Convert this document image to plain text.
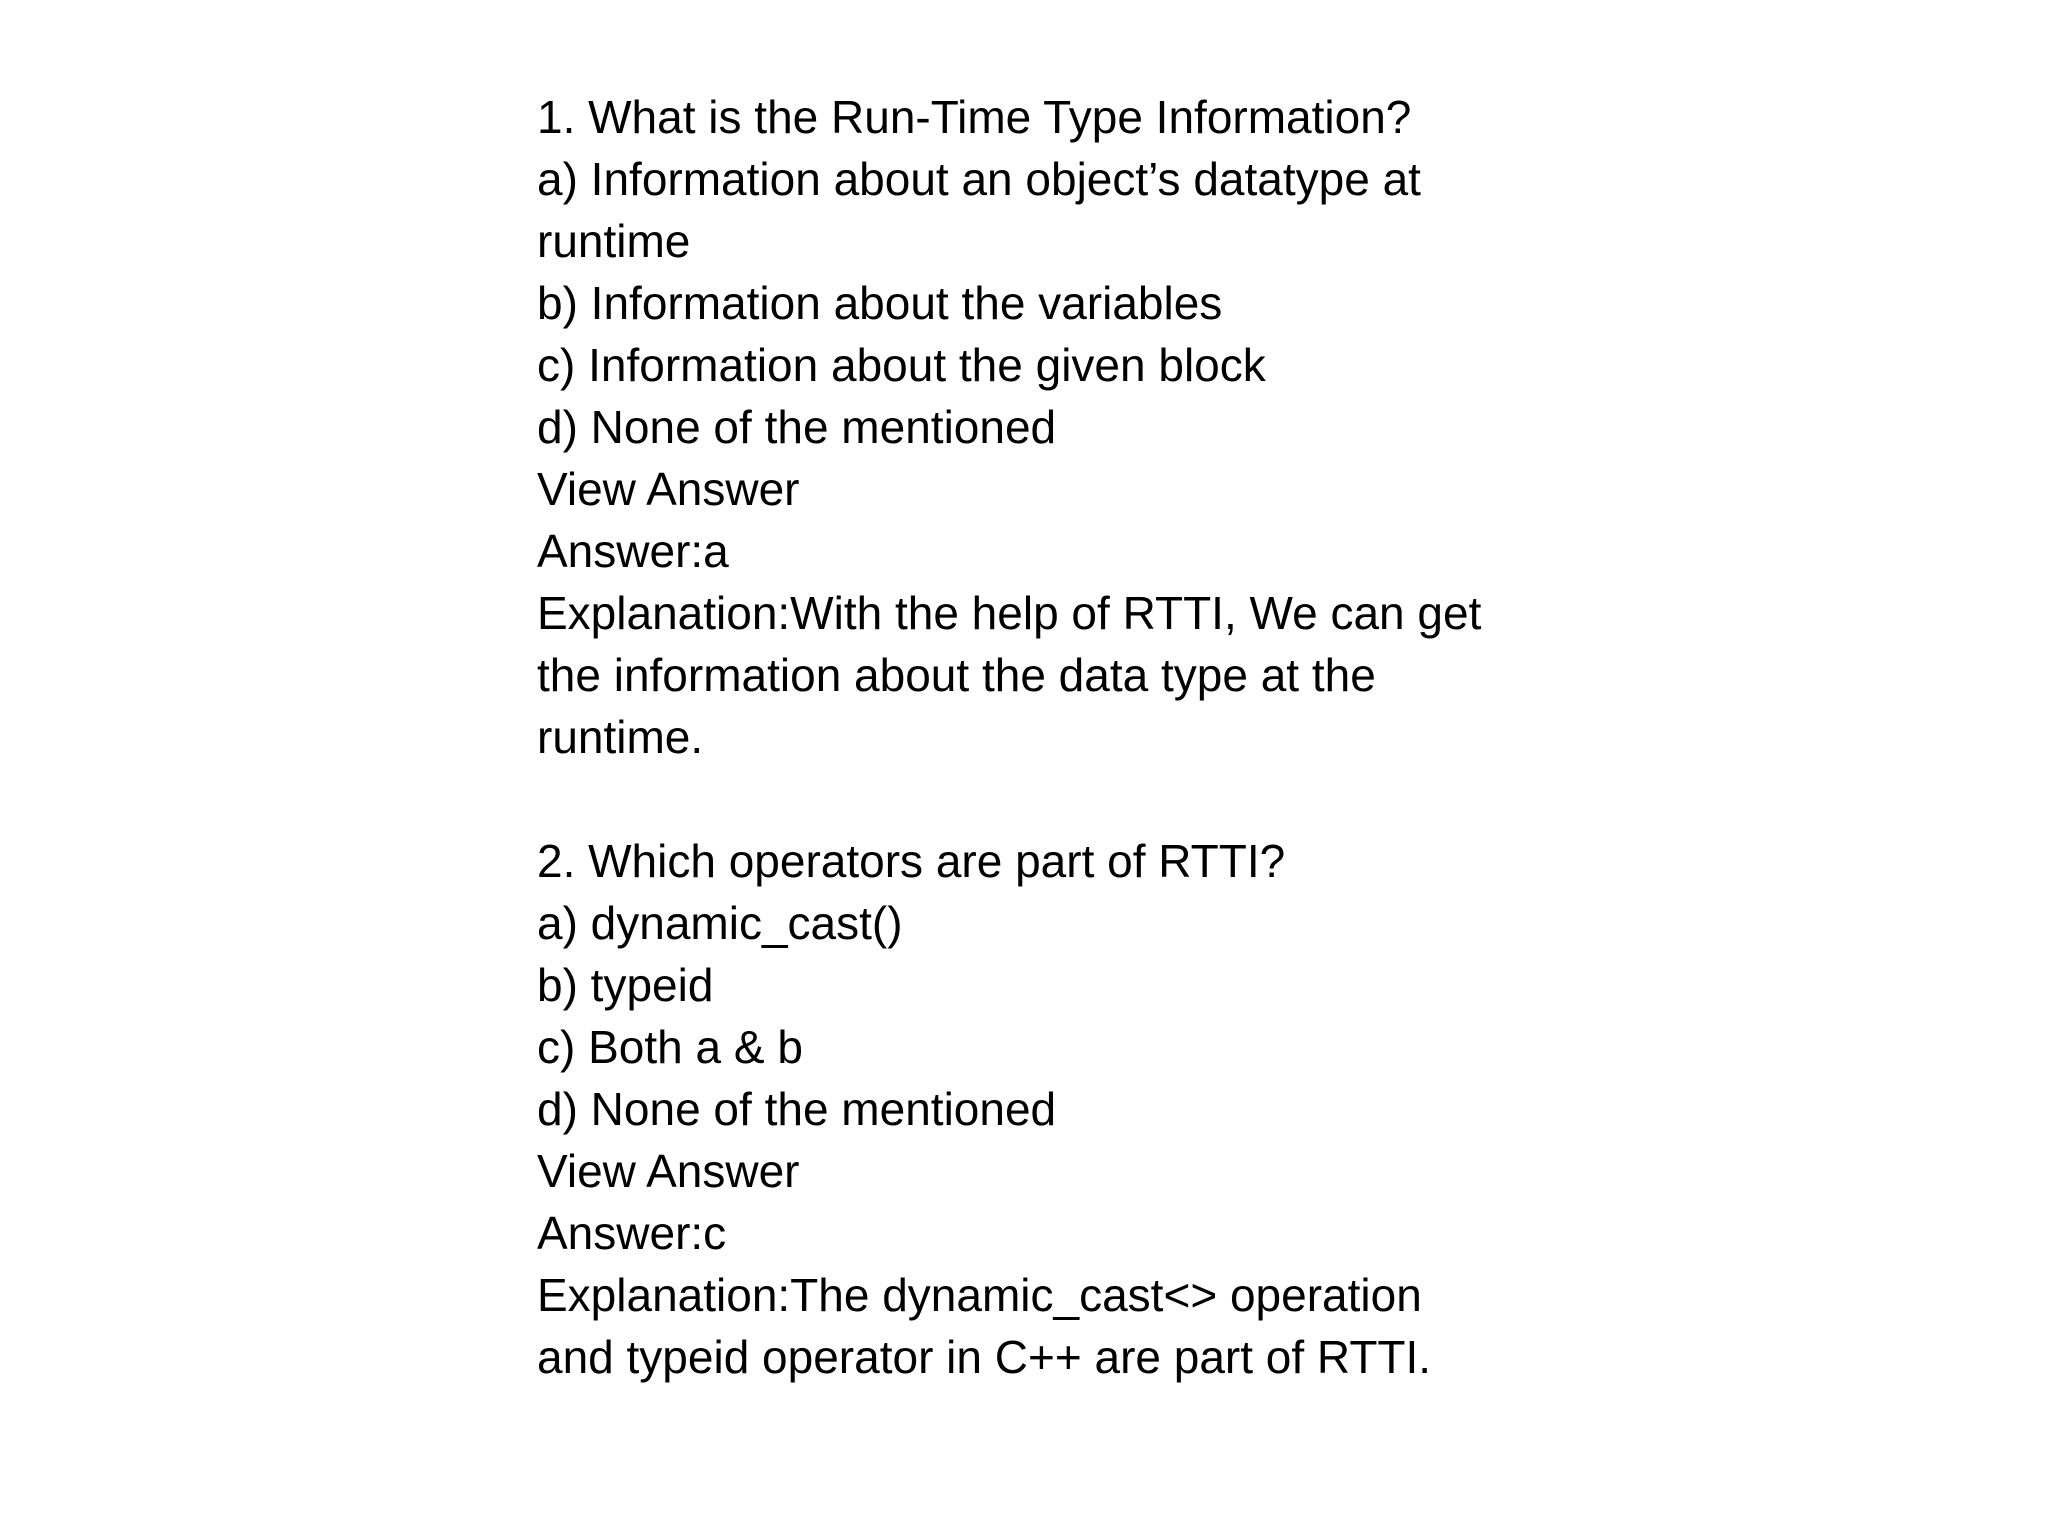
1. What is the Run-Time Type Information?
a) Information about an object’s datatype at
runtime
b) Information about the variables
c) Information about the given block
d) None of the mentioned
View Answer
Answer:a
Explanation:With the help of RTTI, We can get
the information about the data type at the
runtime.
2. Which operators are part of RTTI?
a) dynamic_cast()
b) typeid
c) Both a & b
d) None of the mentioned
View Answer
Answer:c
Explanation:The dynamic_cast<> operation
and typeid operator in C++ are part of RTTI.
